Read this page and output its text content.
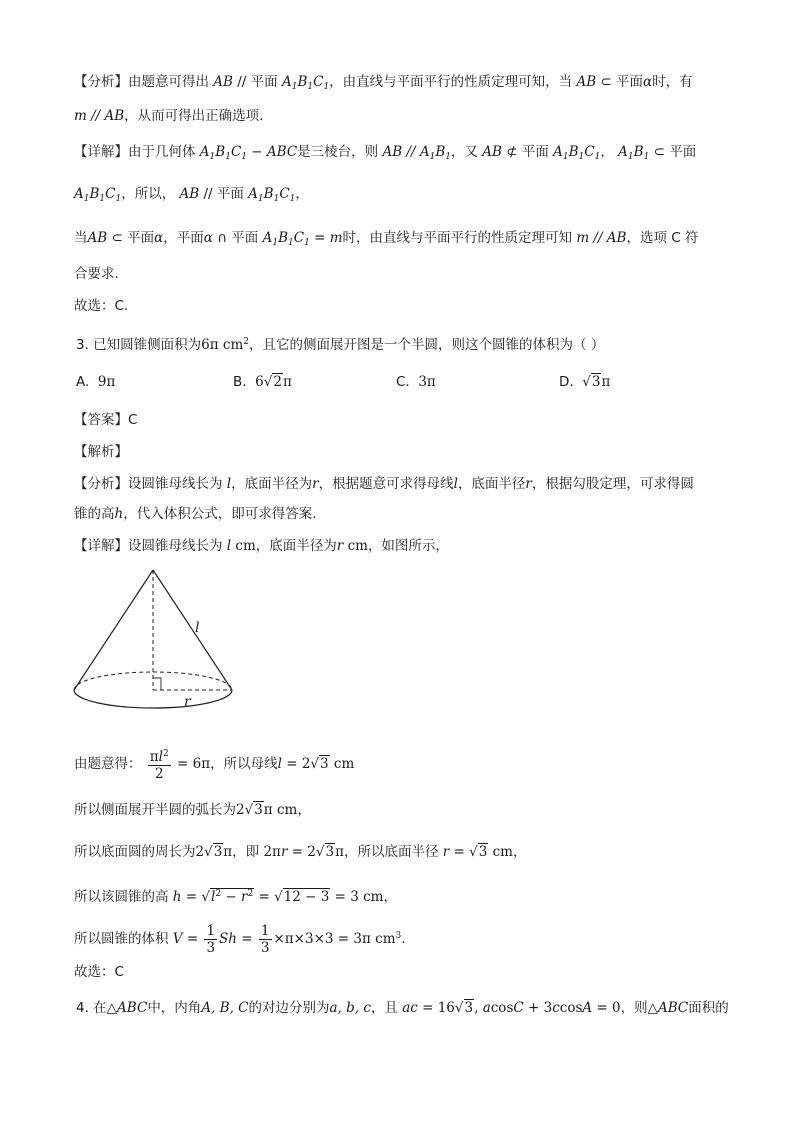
【分析】由题意可得出 AB // 平面 $A_1B_1C_1$，由直线与平面平行的性质定理可知，当 AB ⊂ 平面α时，有
m // AB，从而可得出正确选项.
【详解】由于几何体 $A_1B_1C_1$ − ABC是三棱台，则 AB // $A_1B_1$，又 AB ⊄ 平面 $A_1B_1C_1$， $A_1B_1$ ⊂ 平面
$A_1B_1C_1$，所以， AB // 平面 $A_1B_1C_1$，
当AB ⊂ 平面α，平面α ∩ 平面 $A_1B_1C_1 = m$时，由直线与平面平行的性质定理可知 m // AB，选项 C 符
合要求.
故选：C.
3. 已知圆锥侧面积为6π $cm^2$，且它的侧面展开图是一个半圆，则这个圆锥的体积为（ ）
A. 9π	B. 6√2π	C. 3π	D. √3π
【答案】C
【解析】
【分析】设圆锥母线长为 l，底面半径为r，根据题意可求得母线l，底面半径r，根据勾股定理，可求得圆
锥的高h，代入体积公式，即可求得答案.
【详解】设圆锥母线长为 l cm，底面半径为r cm，如图所示，
l
r
由题意得： $\frac{\pi l^2}{2} = 6\pi$，所以母线l = 2√3 cm
所以侧面展开半圆的弧长为2√3π cm，
所以底面圆的周长为2√3π，即 2πr = 2√3π，所以底面半径 r = √3 cm，
所以该圆锥的高 $h = √l^2 - r^2 = √12 - 3 = 3$ cm，
所以圆锥的体积 $V = \frac{1}{3}$ $Sh = \frac{1}{3} \times\pi\times 3\times 3 = 3\pi$ $cm^3$.
故选：C
4. 在△ABC中，内角A, B, C的对边分别为a, b, c，且 ac = 16√3, acosC + 3ccosA = 0，则△ABC面积的
